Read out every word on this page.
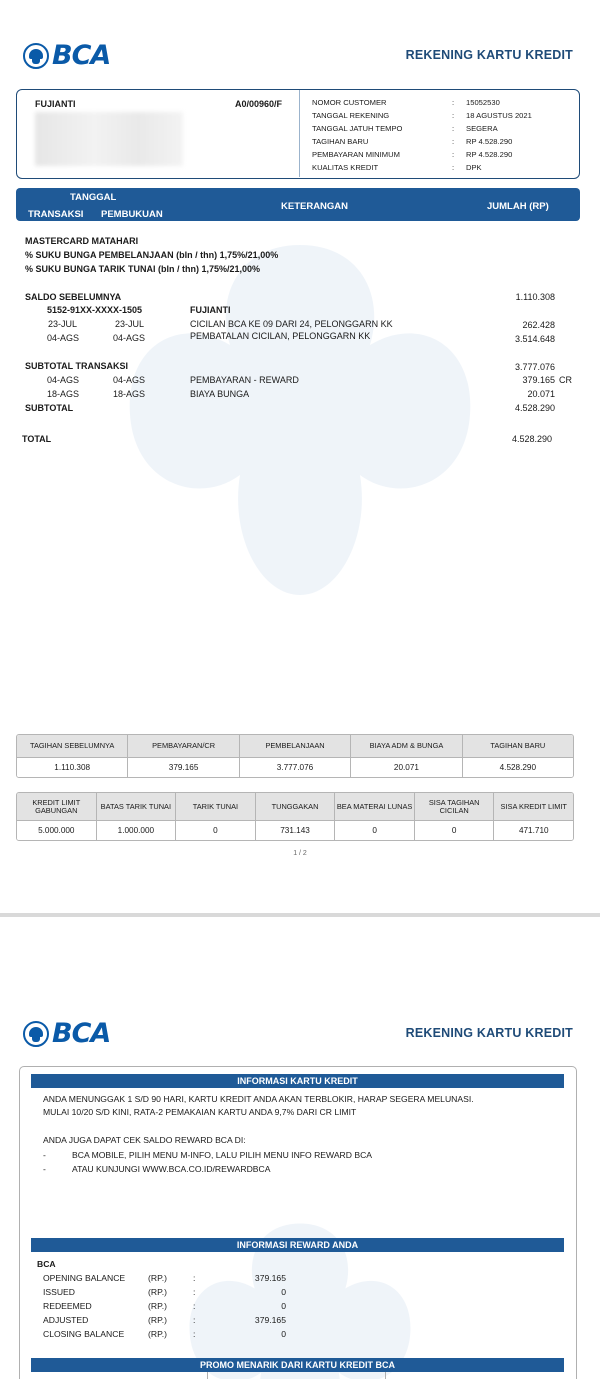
BCA	REKENING KARTU KREDIT
FUJIANTI	A0/00960/F	NOMOR CUSTOMER	: 15052530
TANGGAL REKENING	: 18 AGUSTUS 2021
TANGGAL JATUH TEMPO	: SEGERA
TAGIHAN BARU	: RP 4.528.290
PEMBAYARAN MINIMUM	: RP 4.528.290
KUALITAS KREDIT	: DPK
TANGGAL
TRANSAKSI PEMBUKUAN
KETERANGAN	JUMLAH (RP)
MASTERCARD MATAHARI
% SUKU BUNGA PEMBELANJAAN (bln / thn) 1,75%/21,00%
% SUKU BUNGA TARIK TUNAI (bln / thn) 1,75%/21,00%
SALDO SEBELUMNYA	1.110.308
5152-91XX-XXXX-1505	FUJIANTI
23-JUL	23-JUL	CICILAN BCA KE 09 DARI 24, PELONGGARN KK	262.428
04-AGS	04-AGS	PEMBATALAN CICILAN, PELONGGARN KK	3.514.648
SUBTOTAL TRANSAKSI	3.777.076
04-AGS	04-AGS	PEMBAYARAN - REWARD	379.165 CR
18-AGS	18-AGS	BIAYA BUNGA	20.071
SUBTOTAL	4.528.290
TOTAL	4.528.290
TAGIHAN SEBELUMNYA	PEMBAYARAN/CR	PEMBELANJAAN	BIAYA ADM & BUNGA	TAGIHAN BARU
1.110.308	379.165	3.777.076	20.071	4.528.290
KREDIT LIMIT GABUNGAN	BATAS TARIK TUNAI	TARIK TUNAI	TUNGGAKAN	BEA MATERAI LUNAS	SISA TAGIHAN CICILAN	SISA KREDIT LIMIT
5.000.000	1.000.000	0	731.143	0	0	471.710
1 / 2
BCA	REKENING KARTU KREDIT
INFORMASI KARTU KREDIT
ANDA MENUNGGAK 1 S/D 90 HARI, KARTU KREDIT ANDA AKAN TERBLOKIR, HARAP SEGERA MELUNASI.
MULAI 10/20 S/D KINI, RATA-2 PEMAKAIAN KARTU ANDA 9,7% DARI CR LIMIT
ANDA JUGA DAPAT CEK SALDO REWARD BCA DI:
-	BCA MOBILE, PILIH MENU M-INFO, LALU PILIH MENU INFO REWARD BCA
-	ATAU KUNJUNGI WWW.BCA.CO.ID/REWARDBCA
INFORMASI REWARD ANDA
BCA
OPENING BALANCE	(RP.)	:	379.165
ISSUED	(RP.)	:	0
REDEEMED	(RP.)	:	0
ADJUSTED	(RP.)	:	379.165
CLOSING BALANCE	(RP.)	:	0
PROMO MENARIK DARI KARTU KREDIT BCA
